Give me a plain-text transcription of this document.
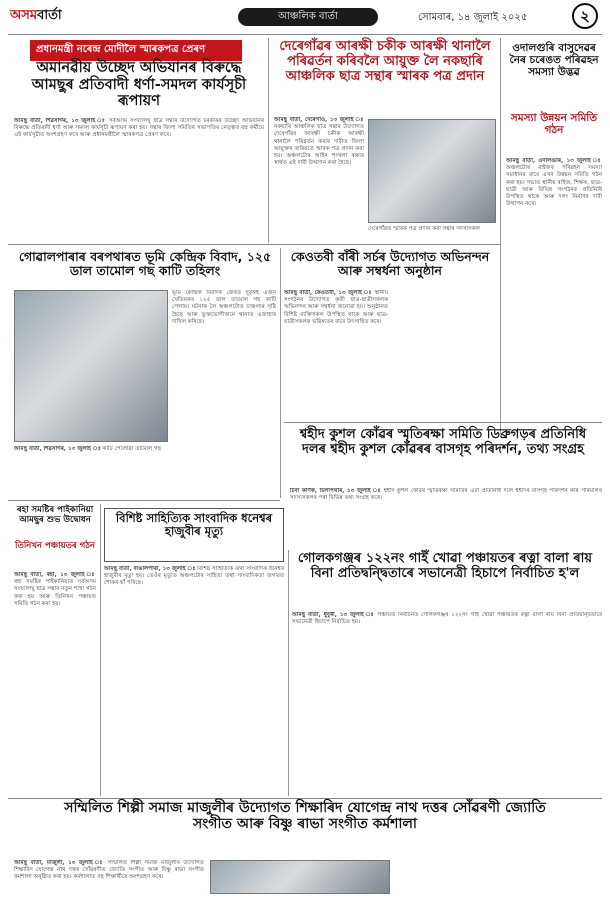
অসমবাৰ্তা	আঞ্চলিক বাৰ্তা	সোমবাৰ, ১৪ জুলাই ২০২৫	২
প্ৰধানমন্ত্ৰী নৰেন্দ্ৰ মোদীলৈ স্মাৰকপত্ৰ প্ৰেৰণ
অমানৱীয় উচ্ছেদ অভিযানৰ বিৰুদ্ধে আমছুৰ প্ৰতিবাদী ধৰ্ণা-সমদল কাৰ্যসূচী ৰূপায়ণ
আমছু বাৰ্তা, শিৱসাগৰ, ১৩ জুলাই ঃ সৰ্বঅসম সংখ্যালঘু ছাত্ৰ সন্থাৰ উদ্যোগত চৰকাৰৰ উচ্ছেদ অভিযানৰ বিৰুদ্ধে প্ৰতিবাদী ধৰ্ণা আৰু সমদল কাৰ্যসূচী ৰূপায়ণ কৰা হয়। সন্থাৰ জিলা সমিতিৰ সভাপতিৰ নেতৃত্বত বহু কৰ্মীয়ে এই কাৰ্যসূচীত অংশগ্ৰহণ কৰে আৰু প্ৰধানমন্ত্ৰীলৈ স্মাৰকপত্ৰ প্ৰেৰণ কৰে।
দেৰেগাঁৱৰ আৰক্ষী চকীক আৰক্ষী থানালৈ পৰিৱৰ্তন কৰিবলৈ আয়ুক্ত লৈ নকছাৰি আঞ্চলিক ছাত্ৰ সন্থাৰ স্মাৰক পত্ৰ প্ৰদান
আমছু বাৰ্তা, দেৰেগাঁও, ১৩ জুলাই ঃ নকছাৰি আঞ্চলিক ছাত্ৰ সন্থাৰ উদ্যোগত দেৰেগাঁৱৰ আৰক্ষী চকীক আৰক্ষী থানালৈ পৰিৱৰ্তন কৰাৰ দাবীত জিলা আয়ুক্তৰ জৰিয়তে স্মাৰক পত্ৰ প্ৰদান কৰা হয়। অঞ্চলটোৰ আইন শৃংখলা ৰক্ষাৰ স্বাৰ্থত এই দাবী উত্থাপন কৰা হৈছে।
দেৰেগাঁৱত স্মাৰক পত্ৰ প্ৰদান কৰা সন্থাৰ সদস্যসকল
ওদালগুৰি বাসুদেৱৰ নৈৰ চৰেঙত পৰিৱহন সমস্যা উদ্ভৱ
সমস্যা উন্নয়ন সমিতি গঠন
আমছু বাৰ্তা, ওদালগুৰি, ১৩ জুলাই ঃ অঞ্চলটোৰ ৰাইজৰ পৰিৱহন সমস্যা সমাধানৰ বাবে এখন উন্নয়ন সমিতি গঠন কৰা হয়। সভাত স্থানীয় ৰাইজ, শিক্ষক, ছাত্ৰ-ছাত্ৰী আৰু বিভিন্ন সংগঠনৰ প্ৰতিনিধি উপস্থিত থাকে আৰু দলং নিৰ্মাণৰ দাবী উত্থাপন কৰে।
গোৱালপাৰাৰ বৰপথাৰত ভূমি কেন্দ্ৰিক বিবাদ, ১২৫ ডাল তামোল গছ কাটি তহিলং
আমছু বাৰ্তা, শিৱসাগৰ, ১৩ জুলাই ঃ কাটি পেলোৱা তামোল গছ
ভূমি কেন্দ্ৰিক বিবাদৰ জেৰত দুৰ্বৃত্তই এজন খেতিয়কৰ ১২৫ ডাল তামোল গছ কাটি পেলায়। ঘটনাক লৈ অঞ্চলটোত চাঞ্চল্যৰ সৃষ্টি হৈছে আৰু ভুক্তভোগীজনে থানাত এজাহাৰ দাখিল কৰিছে।
কেওতবী বাঁৰী সৰ্চৰ উদ্যোগত অভিনন্দন আৰু সম্বৰ্ধনা অনুষ্ঠান
আমছু বাৰ্তা, কেওতবী, ১৩ জুলাই ঃ স্থানীয় সংগঠনৰ উদ্যোগত কৃতী ছাত্ৰ-ছাত্ৰীসকলক অভিনন্দন আৰু সম্বৰ্ধনা জনোৱা হয়। অনুষ্ঠানত বিশিষ্ট ব্যক্তিসকল উপস্থিত থাকে আৰু ছাত্ৰ-ছাত্ৰীসকলক ভৱিষ্যতৰ বাবে উৎসাহিত কৰে।
শ্বহীদ কুশল কোঁৱৰ স্মৃতিৰক্ষা সমিতি ডিব্ৰুগড়ৰ প্ৰতিনিধি দলৰ শ্বহীদ কুশল কোঁৱৰৰ বাসগৃহ পৰিদৰ্শন, তথ্য সংগ্ৰহ
চিবা কৰ্ণিক, চিলাপথাৰ, ১৩ জুলাই ঃ শ্বহীদ কুশল কোঁৱৰ স্মৃতিৰক্ষা সমিতিৰ এটা প্ৰতিনিধি দলে শ্বহীদৰ বাসগৃহ পৰিদৰ্শন কৰি পৰিয়ালৰ সদস্যসকলৰ পৰা বিভিন্ন তথ্য সংগ্ৰহ কৰে।
ৰহা সমষ্টিৰ পাইকানিয়া আমছুৰ শুভ উদ্বোধন
তিনিখন পঞ্চায়তৰ গঠন
আমছু বাৰ্তা, ৰহা, ১৩ জুলাই ঃ ৰহা সমষ্টিৰ পাইকানিয়াত সৰ্বঅসম সংখ্যালঘু ছাত্ৰ সন্থাৰ নতুন শাখা গঠন কৰা হয় আৰু তিনিখন পঞ্চায়ত সমিতি গঠন কৰা হয়।
বিশিষ্ট সাহিত্যিক সাংবাদিক ধনেশ্বৰ হাজুবীৰ মৃত্যু
আমছু বাৰ্তা, বাঙালপাৰা, ১৩ জুলাই ঃ বিশিষ্ট সাহিত্যিক তথা সাংবাদিক ধনেশ্বৰ হাজুবীৰ মৃত্যু হয়। তেওঁৰ মৃত্যুত অঞ্চলটোৰ সাহিত্য তথা সাংবাদিকতা জগতত শোকৰ ছাঁ পৰিছে।
গোলকগঞ্জৰ ১২২নং গাইঁ খোৱা পঞ্চায়তৰ ৰত্না বালা ৰায় বিনা প্ৰতিদ্বন্দ্বিতাৰে সভানেত্ৰী হিচাপে নিৰ্বাচিত হ'ল
আমছু বাৰ্তা, ধুবুৰী, ১৩ জুলাই ঃ পঞ্চায়ত নিৰ্বাচনত গোলকগঞ্জৰ ১২২নং গাইঁ খোৱা পঞ্চায়তৰ ৰত্না বালা ৰায় বিনা প্ৰতিদ্বন্দ্বিতাৰে সভানেত্ৰী হিচাপে নিৰ্বাচিত হয়।
সম্মিলিত শিল্পী সমাজ মাজুলীৰ উদ্যোগত শিক্ষাৰিদ যোগেন্দ্ৰ নাথ দত্তৰ সোঁৱৰণী জ্যোতি সংগীত আৰু বিষ্ণু ৰাভা সংগীত কৰ্মশালা
আমছু বাৰ্তা, মাজুলী, ১৩ জুলাই ঃ সম্মিলিত শিল্পী সমাজ মাজুলীৰ উদ্যোগত শিক্ষাৰিদ যোগেন্দ্ৰ নাথ দত্তৰ সোঁৱৰণীত জ্যোতি সংগীত আৰু বিষ্ণু ৰাভা সংগীত কৰ্মশালা অনুষ্ঠিত কৰা হয়। কৰ্মশালাত বহু শিক্ষাৰ্থীয়ে অংশগ্ৰহণ কৰে।
